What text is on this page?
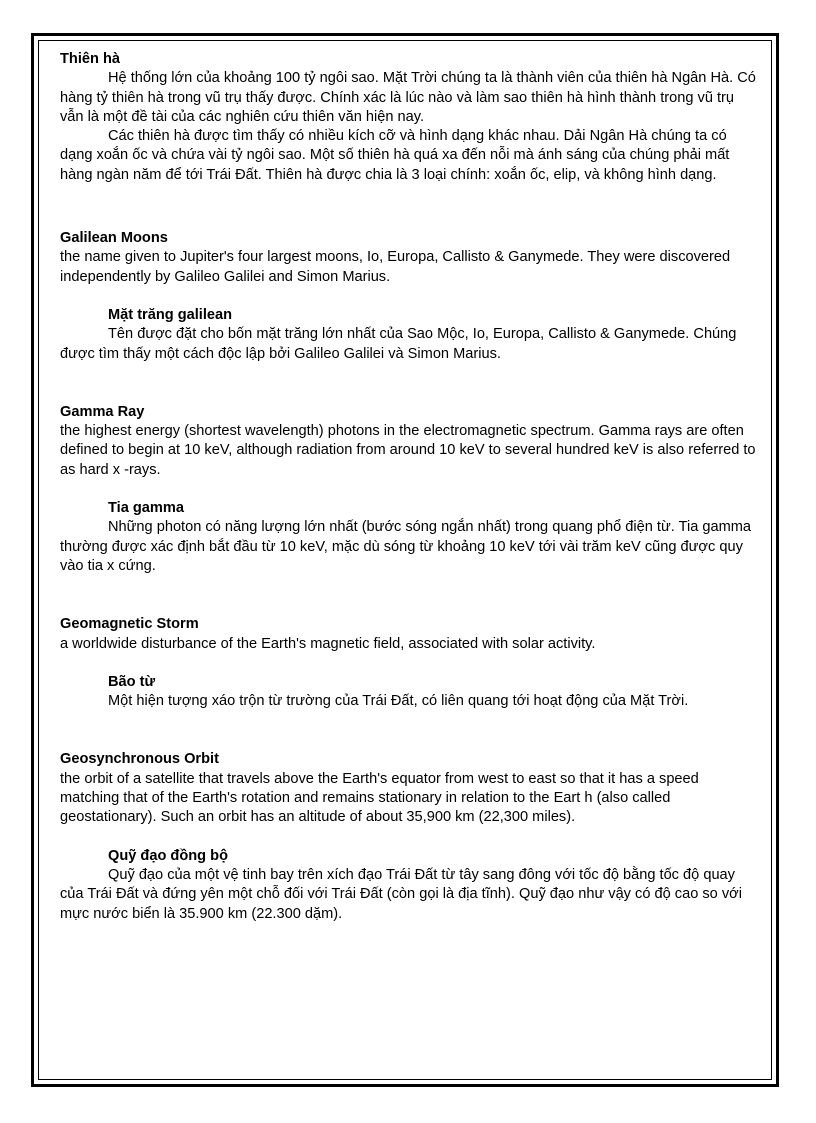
Thiên hà

Hệ thống lớn của khoảng 100 tỷ ngôi sao. Mặt Trời chúng ta là thành viên của thiên hà Ngân Hà. Có hàng tỷ thiên hà trong vũ trụ thấy được. Chính xác là lúc nào và làm sao thiên hà hình thành trong vũ trụ vẫn là một đề tài của các nghiên cứu thiên văn hiện nay.

Các thiên hà được tìm thấy có nhiều kích cỡ và hình dạng khác nhau. Dải Ngân Hà chúng ta có dạng xoắn ốc và chứa vài tỷ ngôi sao. Một số thiên hà quá xa đến nỗi mà ánh sáng của chúng phải mất hàng ngàn năm để tới Trái Đất. Thiên hà được chia là 3 loại chính: xoắn ốc, elip, và không hình dạng.

Galilean Moons

the name given to Jupiter's four largest moons, Io, Europa, Callisto & Ganymede. They were discovered independently by Galileo Galilei and Simon Marius.

Mặt trăng galilean

Tên được đặt cho bốn mặt trăng lớn nhất của Sao Mộc, Io, Europa, Callisto & Ganymede. Chúng được tìm thấy một cách độc lập bởi Galileo Galilei và Simon Marius.

Gamma Ray

the highest energy (shortest wavelength) photons in the electromagnetic spectrum. Gamma rays are often defined to begin at 10 keV, although radiation from around 10 keV to several hundred keV is also referred to as hard x -rays.

Tia gamma

Những photon có năng lượng lớn nhất (bước sóng ngắn nhất) trong quang phổ điện từ. Tia gamma thường được xác định bắt đầu từ 10 keV, mặc dù sóng từ khoảng 10 keV tới vài trăm keV cũng được quy vào tia x cứng.

Geomagnetic Storm

a worldwide disturbance of the Earth's magnetic field, associated with solar activity.

Bão từ

Một hiện tượng xáo trộn từ trường của Trái Đất, có liên quang tới hoạt động của Mặt Trời.

Geosynchronous Orbit

the orbit of a satellite that travels above the Earth's equator from west to east so that it has a speed matching that of the Earth's rotation and remains stationary in relation to the Eart h (also called geostationary). Such an orbit has an altitude of about 35,900 km (22,300 miles).

Quỹ đạo đồng bộ

Quỹ đạo của một vệ tinh bay trên xích đạo Trái Đất từ tây sang đông với tốc độ bằng tốc độ quay của Trái Đất và đứng yên một chỗ đối với Trái Đất (còn gọi là địa tĩnh). Quỹ đạo như vậy có độ cao so với mực nước biển là 35.900 km (22.300 dặm).
